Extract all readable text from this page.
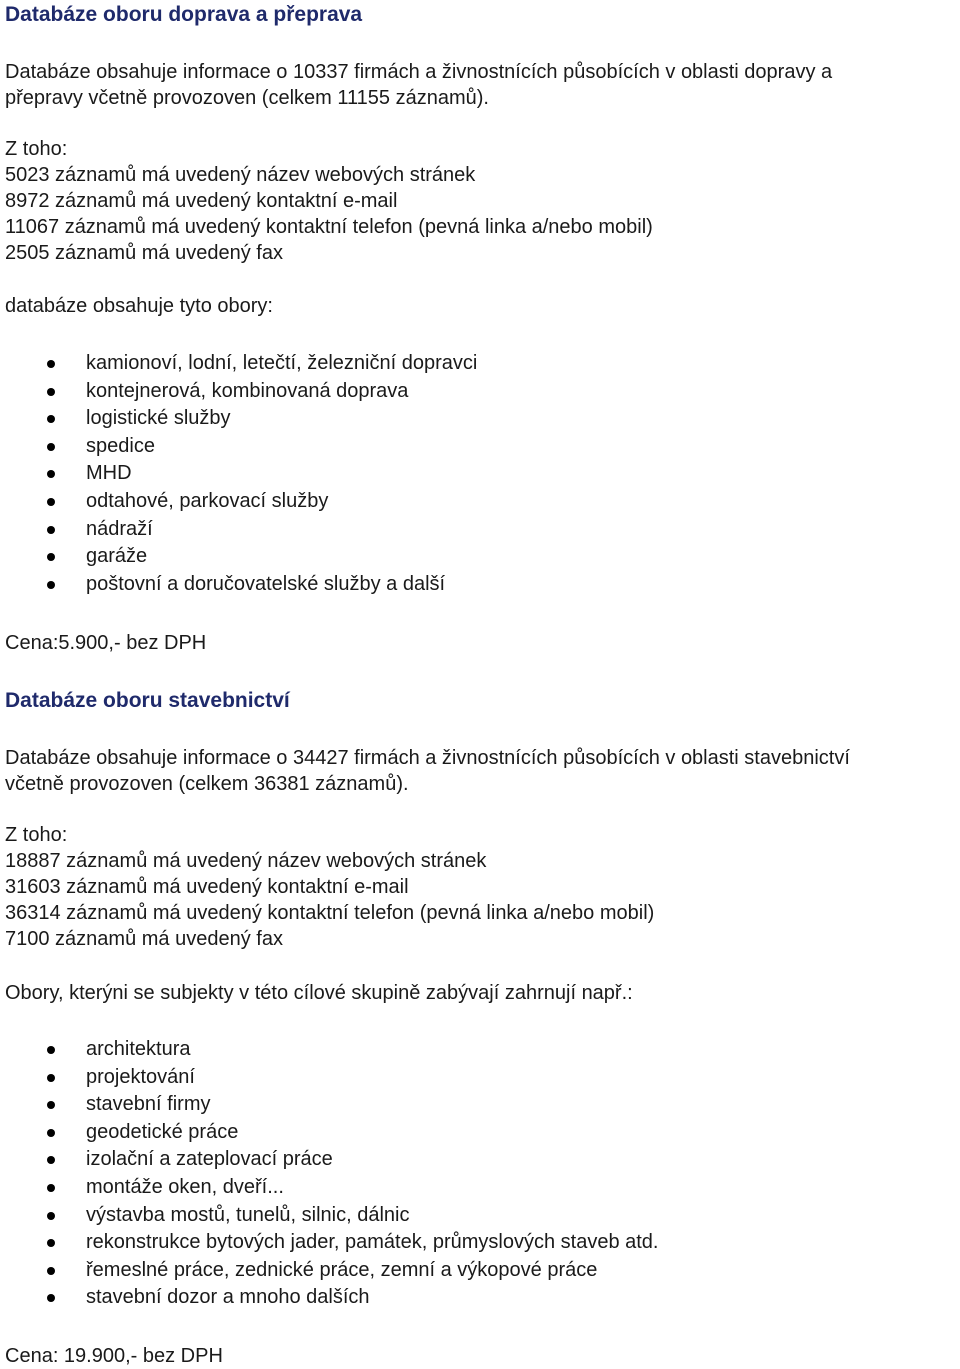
Databáze oboru doprava a přeprava
Databáze obsahuje informace o 10337 firmách a živnostnících působících v oblasti dopravy a
přepravy včetně provozoven (celkem 11155 záznamů).
Z toho:
5023 záznamů má uvedený název webových stránek
8972 záznamů má uvedený kontaktní e-mail
11067 záznamů má uvedený kontaktní telefon (pevná linka a/nebo mobil)
2505 záznamů má uvedený fax
databáze obsahuje tyto obory:
kamionoví, lodní, letečtí, železniční dopravci
kontejnerová, kombinovaná doprava
logistické služby
spedice
MHD
odtahové, parkovací služby
nádraží
garáže
poštovní a doručovatelské služby a další
Cena:5.900,- bez DPH
Databáze oboru stavebnictví
Databáze obsahuje informace o 34427 firmách a živnostnících působících v oblasti stavebnictví
včetně provozoven (celkem 36381 záznamů).
Z toho:
18887 záznamů má uvedený název webových stránek
31603 záznamů má uvedený kontaktní e-mail
36314 záznamů má uvedený kontaktní telefon (pevná linka a/nebo mobil)
7100 záznamů má uvedený fax
Obory, kterýni se subjekty v této cílové skupině zabývají zahrnují např.:
architektura
projektování
stavební firmy
geodetické práce
izolační a zateplovací práce
montáže oken, dveří...
výstavba mostů, tunelů, silnic, dálnic
rekonstrukce bytových jader, památek, průmyslových staveb atd.
řemeslné práce, zednické práce, zemní a výkopové práce
stavební dozor a mnoho dalších
Cena: 19.900,- bez DPH
